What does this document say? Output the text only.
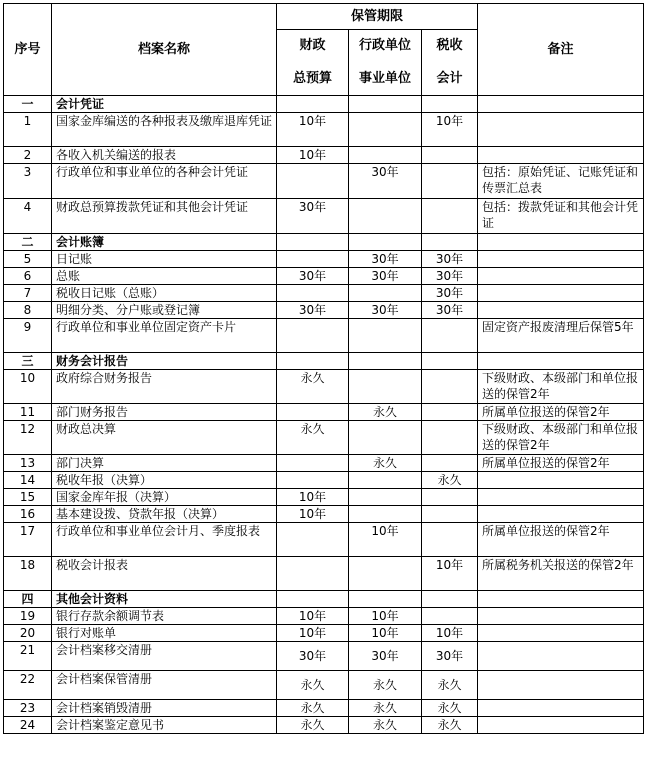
序号	档案名称	保管期限			备注
		财政	行政单位	税收	
		总预算	事业单位	会计	
一	会计凭证				
1	国家金库编送的各种报表及缴库退库凭证	10年		10年	
2	各收入机关编送的报表	10年			
3	行政单位和事业单位的各种会计凭证		30年		包括：原始凭证、记账凭证和传票汇总表
4	财政总预算拨款凭证和其他会计凭证	30年			包括：拨款凭证和其他会计凭证
二	会计账簿				
5	日记账		30年	30年	
6	总账	30年	30年	30年	
7	税收日记账（总账）			30年	
8	明细分类、分户账或登记簿	30年	30年	30年	
9	行政单位和事业单位固定资产卡片				固定资产报废清理后保管5年
三	财务会计报告				
10	政府综合财务报告	永久			下级财政、本级部门和单位报送的保管2年
11	部门财务报告		永久		所属单位报送的保管2年
12	财政总决算	永久			下级财政、本级部门和单位报送的保管2年
13	部门决算		永久		所属单位报送的保管2年
14	税收年报（决算）			永久	
15	国家金库年报（决算）	10年			
16	基本建设拨、贷款年报（决算）	10年			
17	行政单位和事业单位会计月、季度报表		10年		所属单位报送的保管2年
18	税收会计报表			10年	所属税务机关报送的保管2年
四	其他会计资料				
19	银行存款余额调节表	10年	10年		
20	银行对账单	10年	10年	10年	
21	会计档案移交清册	30年	30年	30年	
22	会计档案保管清册	永久	永久	永久	
23	会计档案销毁清册	永久	永久	永久	
24	会计档案鉴定意见书	永久	永久	永久	
